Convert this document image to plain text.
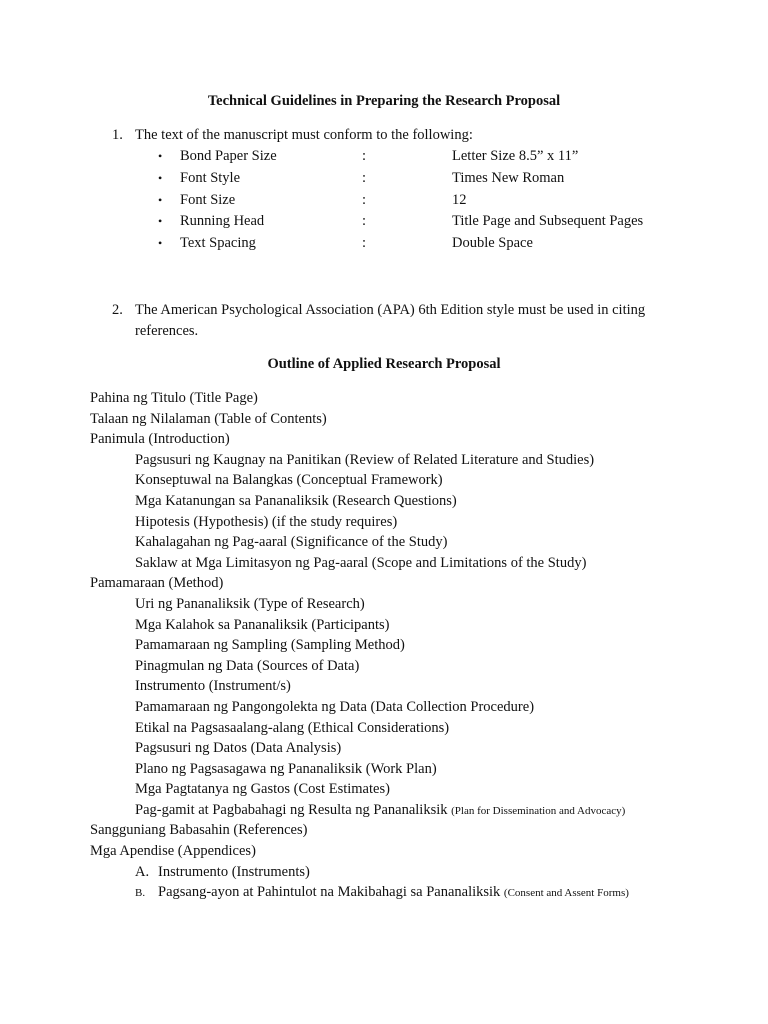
Technical Guidelines in Preparing the Research Proposal
1. The text of the manuscript must conform to the following:
• Bond Paper Size	:	Letter Size 8.5” x 11”
• Font Style	:	Times New Roman
• Font Size	:	12
• Running Head	:	Title Page and Subsequent Pages
• Text Spacing	:	Double Space
2. The American Psychological Association (APA) 6th Edition style must be used in citing references.
Outline of Applied Research Proposal
Pahina ng Titulo (Title Page)
Talaan ng Nilalaman (Table of Contents)
Panimula (Introduction)
Pagsusuri ng Kaugnay na Panitikan (Review of Related Literature and Studies)
Konseptuwal na Balangkas (Conceptual Framework)
Mga Katanungan sa Pananaliksik (Research Questions)
Hipotesis (Hypothesis) (if the study requires)
Kahalagahan ng Pag-aaral (Significance of the Study)
Saklaw at Mga Limitasyon ng Pag-aaral (Scope and Limitations of the Study)
Pamamaraan (Method)
Uri ng Pananaliksik (Type of Research)
Mga Kalahok sa Pananaliksik (Participants)
Pamamaraan ng Sampling (Sampling Method)
Pinagmulan ng Data (Sources of Data)
Instrumento (Instrument/s)
Pamamaraan ng Pangongolekta ng Data (Data Collection Procedure)
Etikal na Pagsasaalang-alang (Ethical Considerations)
Pagsusuri ng Datos (Data Analysis)
Plano ng Pagsasagawa ng Pananaliksik (Work Plan)
Mga Pagtatanya ng Gastos (Cost Estimates)
Pag-gamit at Pagbabahagi ng Resulta ng Pananaliksik (Plan for Dissemination and Advocacy)
Sangguniang Babasahin (References)
Mga Apendise (Appendices)
A. Instrumento (Instruments)
B. Pagsang-ayon at Pahintulot na Makibahagi sa Pananaliksik (Consent and Assent Forms)
